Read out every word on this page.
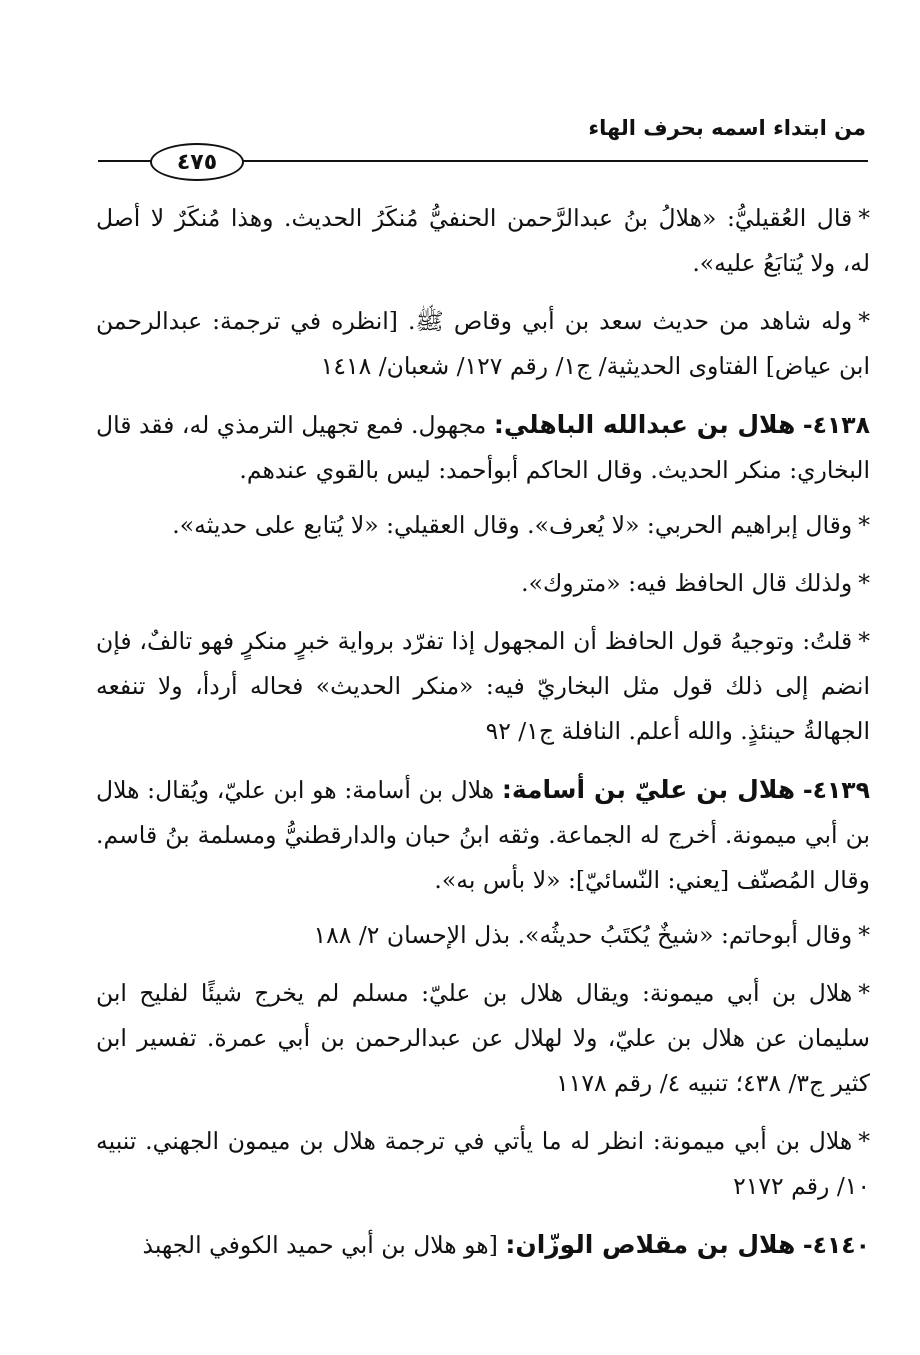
من ابتداء اسمه بحرف الهاء
٤٧٥

*قال العُقيليُّ: «هلالُ بنُ عبدالرَّحمن الحنفيُّ مُنكَرُ الحديث. وهذا مُنكَرٌ لا أصل له، ولا يُتابَعُ عليه».

*وله شاهد من حديث سعد بن أبي وقاص ﷺ. [انظره في ترجمة: عبدالرحمن ابن عياض] الفتاوى الحديثية/ ج١/ رقم ١٢٧/ شعبان/ ١٤١٨

٤١٣٨- هلال بن عبدالله الباهلي: مجهول. فمع تجهيل الترمذي له، فقد قال البخاري: منكر الحديث. وقال الحاكم أبوأحمد: ليس بالقوي عندهم.

*وقال إبراهيم الحربي: «لا يُعرف». وقال العقيلي: «لا يُتابع على حديثه».

*ولذلك قال الحافظ فيه: «متروك».

*قلتُ: وتوجيهُ قول الحافظ أن المجهول إذا تفرّد برواية خبرٍ منكرٍ فهو تالفٌ، فإن انضم إلى ذلك قول مثل البخاريّ فيه: «منكر الحديث» فحاله أردأ، ولا تنفعه الجهالةُ حينئذٍ. والله أعلم. النافلة ج١/ ٩٢

٤١٣٩- هلال بن عليّ بن أسامة: هلال بن أسامة: هو ابن عليّ، ويُقال: هلال بن أبي ميمونة. أخرج له الجماعة. وثقه ابنُ حبان والدارقطنيُّ ومسلمة بنُ قاسم. وقال المُصنّف [يعني: النّسائيّ]: «لا بأس به».

*وقال أبوحاتم: «شيخٌ يُكتَبُ حديثُه». بذل الإحسان ٢/ ١٨٨

*هلال بن أبي ميمونة: ويقال هلال بن عليّ: مسلم لم يخرج شيئًا لفليح ابن سليمان عن هلال بن عليّ، ولا لهلال عن عبدالرحمن بن أبي عمرة. تفسير ابن كثير ج٣/ ٤٣٨؛ تنبيه ٤/ رقم ١١٧٨

*هلال بن أبي ميمونة: انظر له ما يأتي في ترجمة هلال بن ميمون الجهني. تنبيه ١٠/ رقم ٢١٧٢

٤١٤٠- هلال بن مقلاص الوزّان: [هو هلال بن أبي حميد الكوفي الجهبذ
